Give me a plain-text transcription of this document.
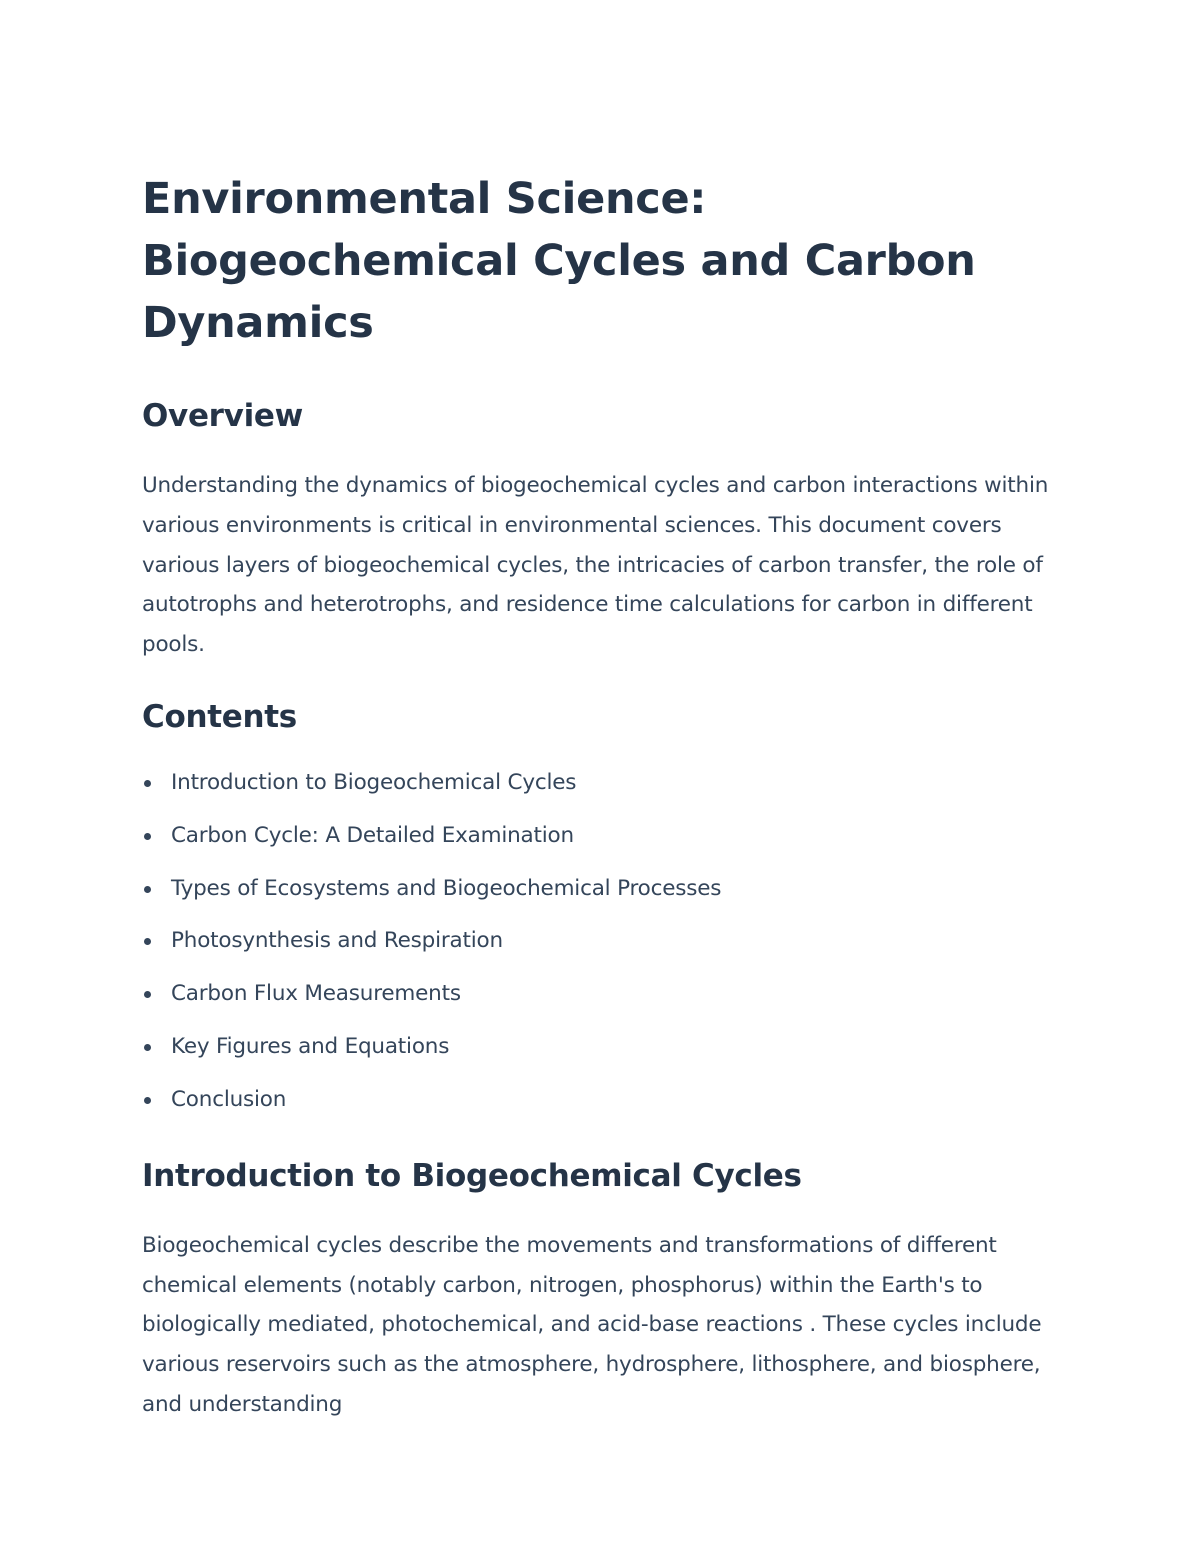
Environmental Science: Biogeochemical Cycles and Carbon Dynamics
Overview

Understanding the dynamics of biogeochemical cycles and carbon interactions within various environments is critical in environmental sciences. This document covers various layers of biogeochemical cycles, the intricacies of carbon transfer, the role of autotrophs and heterotrophs, and residence time calculations for carbon in different pools.

Contents
Introduction to Biogeochemical Cycles
Carbon Cycle: A Detailed Examination
Types of Ecosystems and Biogeochemical Processes
Photosynthesis and Respiration
Carbon Flux Measurements
Key Figures and Equations
Conclusion
Introduction to Biogeochemical Cycles

Biogeochemical cycles describe the movements and transformations of different chemical elements (notably carbon, nitrogen, phosphorus) within the Earth's to biologically mediated, photochemical, and acid-base reactions . These cycles include various reservoirs such as the atmosphere, hydrosphere, lithosphere, and biosphere, and understanding
